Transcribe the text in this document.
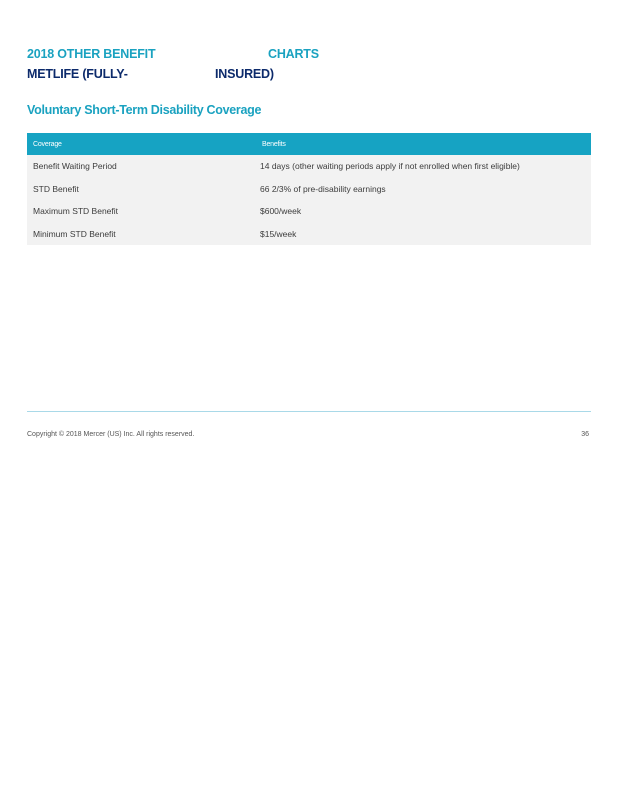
2018 OTHER BENEFIT	CHARTS
METLIFE (FULLY-	INSURED)
Voluntary Short-Term Disability Coverage
Coverage	Benefits
Benefit Waiting Period	14 days (other waiting periods apply if not enrolled when first eligible)
STD Benefit	66 2/3% of pre-disability earnings
Maximum STD Benefit	$600/week
Minimum STD Benefit	$15/week
Copyright © 2018 Mercer (US) Inc. All rights reserved.	36
